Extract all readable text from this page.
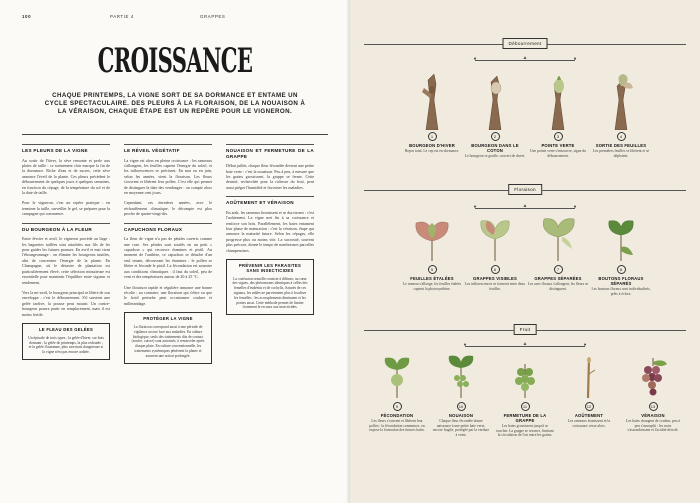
100	PARTIE 4	GRAPPES
CROISSANCE
CHAQUE PRINTEMPS, LA VIGNE SORT DE SA DORMANCE ET ENTAME UN CYCLE SPECTACULAIRE. DES PLEURS À LA FLORAISON, DE LA NOUAISON À LA VÉRAISON, CHAQUE ÉTAPE EST UN REPÈRE POUR LE VIGNERON.
LES PLEURS DE LA VIGNE

Au sortir de l'hiver, la sève remonte et perle aux plaies de taille : ce suintement clair marque la fin de la dormance. Riche d'eau et de sucres, cette sève annonce l'éveil de la plante. Ces pleurs précèdent le débourrement de quelques jours à quelques semaines, en fonction du cépage, de la température du sol et de la date de taille.

Pour le vigneron, c'est un repère pratique : en terminer la taille, surveiller le gel, se préparer pour la campagne qui commence.

DU BOURGEON À LA FLEUR

Entre février et avril, le vigneron procède au liage : les baguettes taillées sont attachées aux fils de fer pour guider les futures pousses. En avril et mai vient l'ébourgeonnage : on élimine les bourgeons inutiles, afin de concentrer l'énergie de la plante. En Champagne, où le désastre de plantation est particulièrement élevé, cette sélection minutieuse est essentielle pour maintenir l'équilibre entre vigueur et rendement.

Vers la mi-avril, le bourgeon principal se libère de son enveloppe : c'est le débourrement. S'il survient une gelée tardive, la pousse peut mourir. Un contre-bourgeon pourra partir en remplacement, mais il est moins fertile.

LE FLEAU DES GELÉES
Un épisode de trois types : la gelée d'hiver, sur bois dormant ; la gelée de printemps, la plus redoutée ; et la gelée d'automne, plus rare mais dangereuse si la vigne n'est pas encore aoûtée.
LE RÉVEIL VÉGÉTATIF

La vigne est alors en pleine croissance : les rameaux s'allongent, les feuilles captent l'énergie du soleil, et les inflorescences se précisent. En mai ou en juin, selon les années, vient la floraison. Les fleurs s'ouvrent et libèrent leur pollen. C'est elle qui permet de distinguer la date des vendanges : on compte alors en moyenne cent jours.

Cependant, ces dernières années, avec le réchauffement climatique, le décompte est plus proche de quatre-vingt-dix.

CAPUCHONS FLORAUX

La fleur de vigne n'a pas de pétales ouverts comme une rose. Ses pétales sont soudés en un petit « capuchon » qui recouvre étamines et pistil. Au moment de l'anthèse, ce capuchon se détache d'un seul tenant, découvrant les étamines : le pollen se libère et féconde le pistil. La fécondation est soumise aux conditions climatiques : il faut du soleil, peu de vent et des températures autour de 20 à 25 °C.

Une floraison rapide et régulière annonce une bonne récolte ; au contraire, une floraison qui s'étire ou que le froid perturbe peut occasionner coulure et millerandage.

PROTÉGER LA VIGNE
La floraison correspond aussi à une période de vigilance accrue face aux maladies. En culture biologique, seuls des traitements dits de contact (soufre, cuivre) sont autorisés, à renouveler après chaque pluie. En culture conventionnelle, les traitements systémiques pénètrent la plante et assurent une action prolongée.
NOUAISON ET FERMETURE DE LA GRAPPE

Début juillet, chaque fleur fécondée devient une petite baie verte : c'est la nouaison. Peu à peu, à mesure que les grains grossissent, la grappe se ferme. Cette densité, recherchée pour la richesse du fruit, peut aussi piéger l'humidité et favoriser les maladies.

AOÛTEMENT ET VÉRAISON

En août, les rameaux brunissent et se durcissent : c'est l'aoûtement. La vigne met fin à sa croissance et renforce son bois. Parallèlement, les baies entament leur phase de maturation : c'est la véraison, étape qui annonce la maturité future. Selon les cépages, elle progresse plus ou moins vite. La sucrosité, souvent plus précoce, donne le tempo de nombreuses parcelles champenoises.

PRÉVENIR LES PARASITES SANS INSECTICIDES
La confusion sexuelle consiste à diffuser, au cœur des vignes, des phéromones identiques à celles des femelles d'eudémis et de cochylis. Saturés de ces signaux, les mâles ne parviennent plus à localiser les femelles : les accouplements diminuent et les pontes aussi. Cette méthode permet de limiter fortement le recours aux insecticides.
Débourrement
●	▲	●
1
BOURGEON D'HIVER
Repos total. Le cep est en dormance.
2
BOURGEON DANS LE COTON
Le bourgeon se gonfle, couvert de duvet.
3
POINTE VERTE
Une pointe verte s'entrouvre, signe du débourrement.
4
SORTIE DES FEUILLES
Les premières feuilles se libèrent et se déploient.
Floraison
●	▲	●
5
FEUILLES ÉTALÉES
Le rameau s'allonge, les feuilles étalées captent la photosynthèse.
6
GRAPPES VISIBLES
Les inflorescences se forment entre deux feuilles.
7
GRAPPES SÉPARÉES
Les axes floraux s'allongent, les fleurs se distinguent.
8
BOUTONS FLORAUX SÉPARÉS
Les boutons floraux sont individualisés, prêts à éclore.
Fruit
●	▲	●
9
FÉCONDATION
Les fleurs s'ouvrent et libèrent leur pollen : la fécondation commence, on expose la formation des futures baies.
10
NOUAISON
Chaque fleur fécondée donne naissance à une petite baie verte, encore fragile, protégée par la verdure à venir.
11
FERMETURE DE LA GRAPPE
Les baies grossissent jusqu'à se toucher. La grappe se resserre, limitant la circulation de l'air entre les grains.
12
AOÛTEMENT
Les rameaux brunissent et la croissance cesse alors.
13
VÉRAISON
Les baies changent de couleur, peu à peu s'assouplit : les noirs s'assombrissent et l'acidité décroît.
